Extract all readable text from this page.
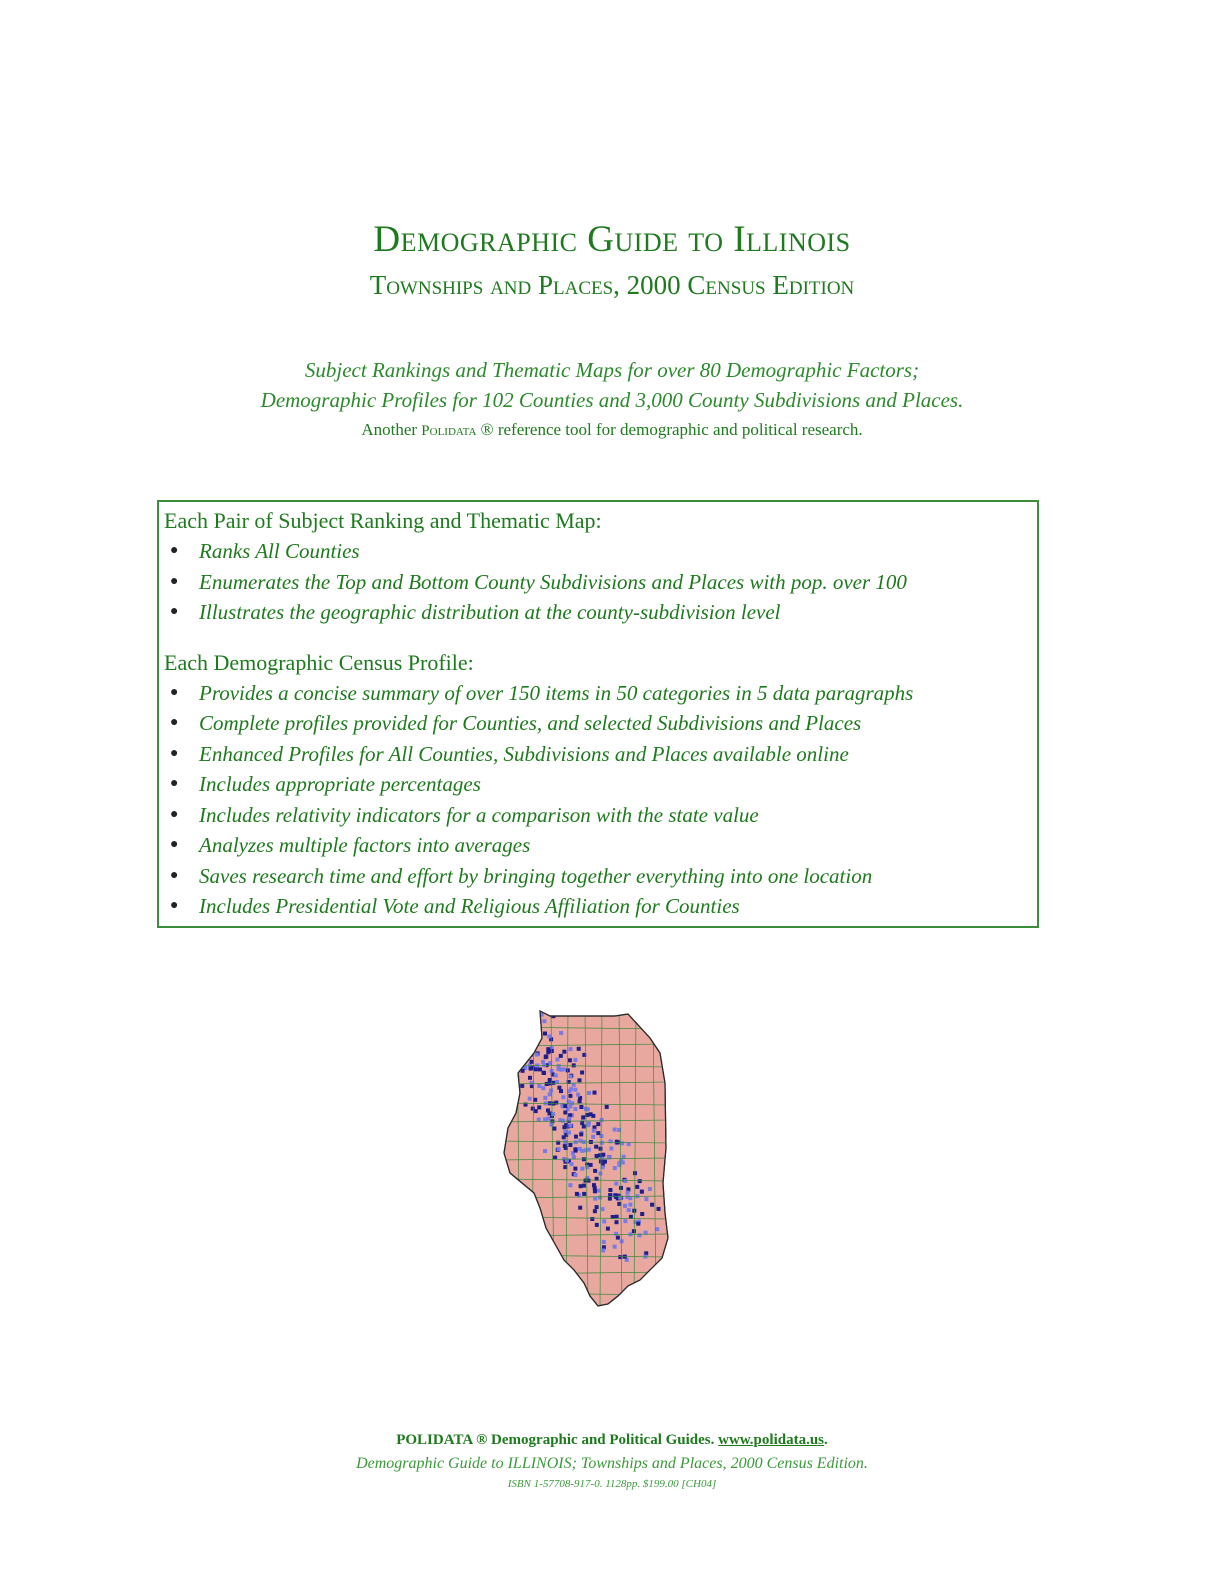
Demographic Guide to Illinois
Townships and Places, 2000 Census Edition
Subject Rankings and Thematic Maps for over 80 Demographic Factors;
Demographic Profiles for 102 Counties and 3,000 County Subdivisions and Places.
Another Polidata ® reference tool for demographic and political research.
Each Pair of Subject Ranking and Thematic Map:
● Ranks All Counties
● Enumerates the Top and Bottom County Subdivisions and Places with pop. over 100
● Illustrates the geographic distribution at the county-subdivision level
Each Demographic Census Profile:
● Provides a concise summary of over 150 items in 50 categories in 5 data paragraphs
● Complete profiles provided for Counties, and selected Subdivisions and Places
● Enhanced Profiles for All Counties, Subdivisions and Places available online
● Includes appropriate percentages
● Includes relativity indicators for a comparison with the state value
● Analyzes multiple factors into averages
● Saves research time and effort by bringing together everything into one location
● Includes Presidential Vote and Religious Affiliation for Counties
POLIDATA ® Demographic and Political Guides. www.polidata.us.
Demographic Guide to ILLINOIS; Townships and Places, 2000 Census Edition.
ISBN 1-57708-917-0. 1128pp. $199.00 [CH04]
